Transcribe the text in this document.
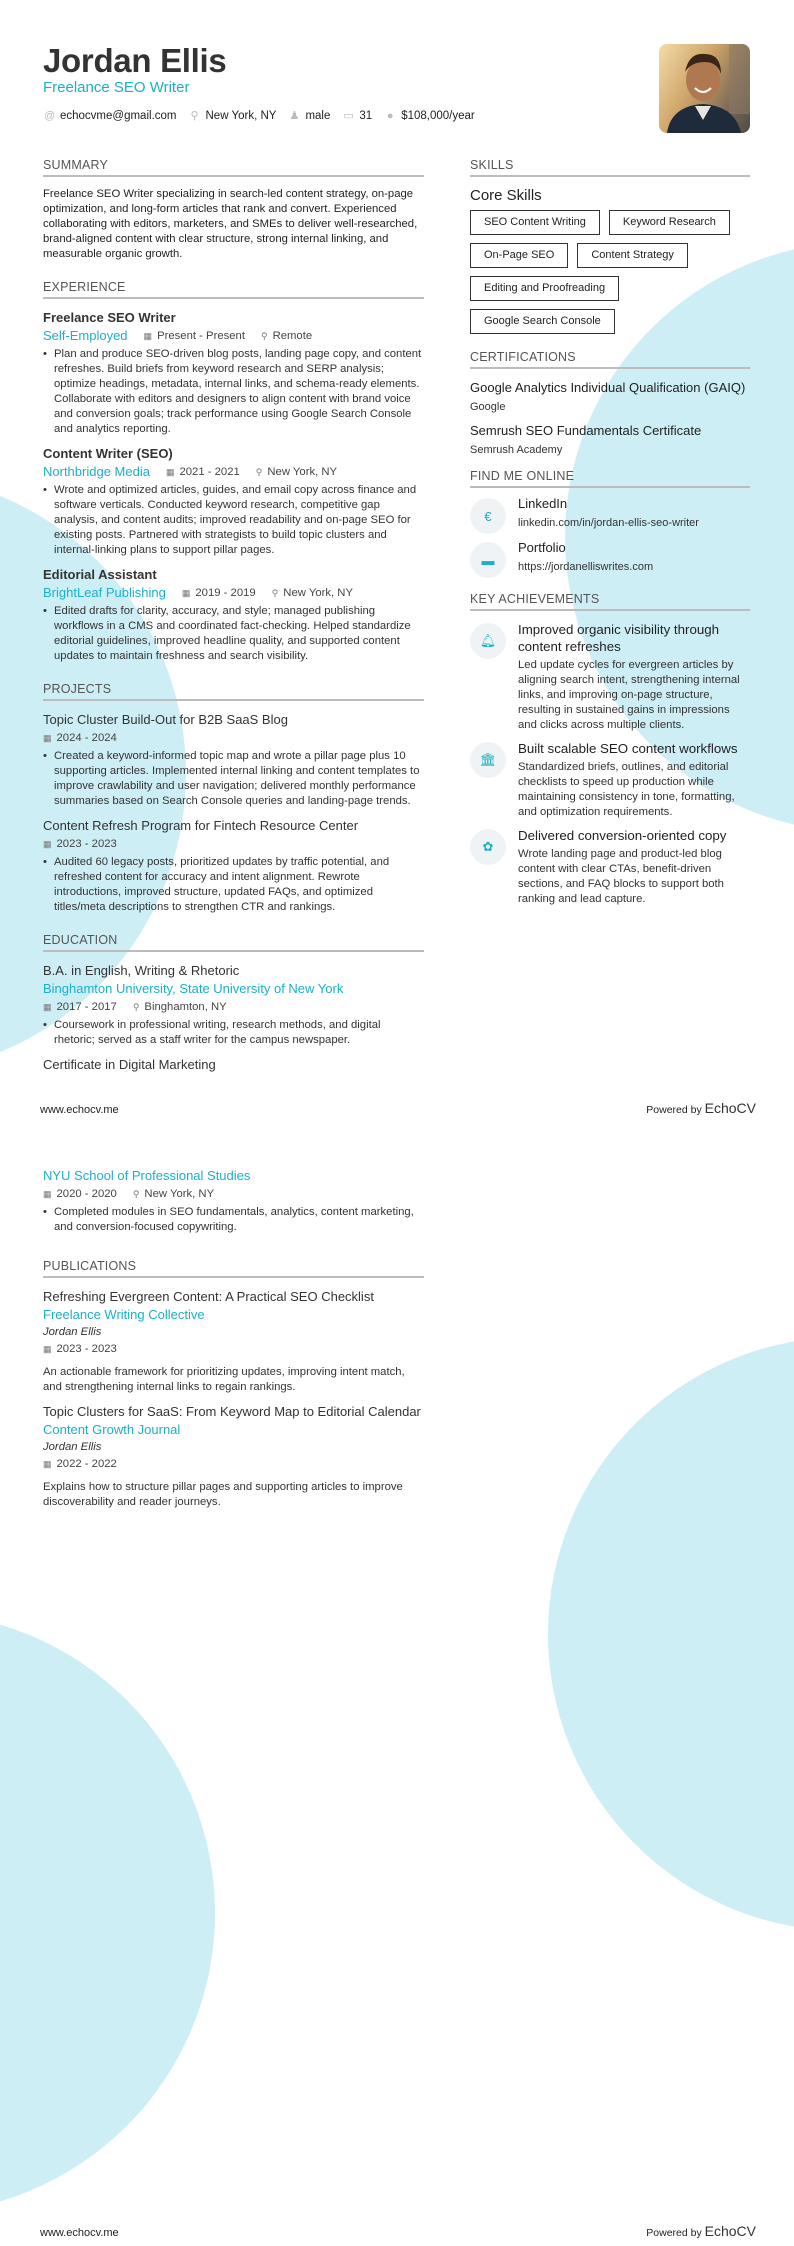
Jordan Ellis
Freelance SEO Writer
@ echocvme@gmail.com ⚲ New York, NY ♟ male ▭ 31 ● $108,000/year
SUMMARY
Freelance SEO Writer specializing in search-led content strategy, on-page optimization, and long-form articles that rank and convert. Experienced collaborating with editors, marketers, and SMEs to deliver well-researched, brand-aligned content with clear structure, strong internal linking, and measurable organic growth.
EXPERIENCE
Freelance SEO Writer
Self-Employed ▦ Present - Present ⚲ Remote
• Plan and produce SEO-driven blog posts, landing page copy, and content refreshes. Build briefs from keyword research and SERP analysis; optimize headings, metadata, internal links, and schema-ready elements. Collaborate with editors and designers to align content with brand voice and conversion goals; track performance using Google Search Console and analytics reporting.
Content Writer (SEO)
Northbridge Media ▦ 2021 - 2021 ⚲ New York, NY
• Wrote and optimized articles, guides, and email copy across finance and software verticals. Conducted keyword research, competitive gap analysis, and content audits; improved readability and on-page SEO for existing posts. Partnered with strategists to build topic clusters and internal-linking plans to support pillar pages.
Editorial Assistant
BrightLeaf Publishing ▦ 2019 - 2019 ⚲ New York, NY
• Edited drafts for clarity, accuracy, and style; managed publishing workflows in a CMS and coordinated fact-checking. Helped standardize editorial guidelines, improved headline quality, and supported content updates to maintain freshness and search visibility.
PROJECTS
Topic Cluster Build-Out for B2B SaaS Blog
▦ 2024 - 2024
• Created a keyword-informed topic map and wrote a pillar page plus 10 supporting articles. Implemented internal linking and content templates to improve crawlability and user navigation; delivered monthly performance summaries based on Search Console queries and landing-page trends.
Content Refresh Program for Fintech Resource Center
▦ 2023 - 2023
• Audited 60 legacy posts, prioritized updates by traffic potential, and refreshed content for accuracy and intent alignment. Rewrote introductions, improved structure, updated FAQs, and optimized titles/meta descriptions to strengthen CTR and rankings.
EDUCATION
B.A. in English, Writing & Rhetoric
Binghamton University, State University of New York
▦ 2017 - 2017 ⚲ Binghamton, NY
• Coursework in professional writing, research methods, and digital rhetoric; served as a staff writer for the campus newspaper.
Certificate in Digital Marketing
SKILLS
Core Skills
SEO Content Writing	Keyword Research
On-Page SEO	Content Strategy
Editing and Proofreading
Google Search Console
CERTIFICATIONS
Google Analytics Individual Qualification (GAIQ)
Google
Semrush SEO Fundamentals Certificate
Semrush Academy
FIND ME ONLINE
€
LinkedIn
linkedin.com/in/jordan-ellis-seo-writer
▬
Portfolio
https://jordanelliswrites.com
KEY ACHIEVEMENTS
🔔︎
Improved organic visibility through content refreshes
Led update cycles for evergreen articles by aligning search intent, strengthening internal links, and improving on-page structure, resulting in sustained gains in impressions and clicks across multiple clients.
🏛︎
Built scalable SEO content workflows
Standardized briefs, outlines, and editorial checklists to speed up production while maintaining consistency in tone, formatting, and optimization requirements.
✿
Delivered conversion-oriented copy
Wrote landing page and product-led blog content with clear CTAs, benefit-driven sections, and FAQ blocks to support both ranking and lead capture.
www.echocv.me	Powered by EchoCV
NYU School of Professional Studies
▦ 2020 - 2020 ⚲ New York, NY
• Completed modules in SEO fundamentals, analytics, content marketing, and conversion-focused copywriting.
PUBLICATIONS
Refreshing Evergreen Content: A Practical SEO Checklist
Freelance Writing Collective
Jordan Ellis
▦ 2023 - 2023
An actionable framework for prioritizing updates, improving intent match, and strengthening internal links to regain rankings.
Topic Clusters for SaaS: From Keyword Map to Editorial Calendar
Content Growth Journal
Jordan Ellis
▦ 2022 - 2022
Explains how to structure pillar pages and supporting articles to improve discoverability and reader journeys.
www.echocv.me	Powered by EchoCV
